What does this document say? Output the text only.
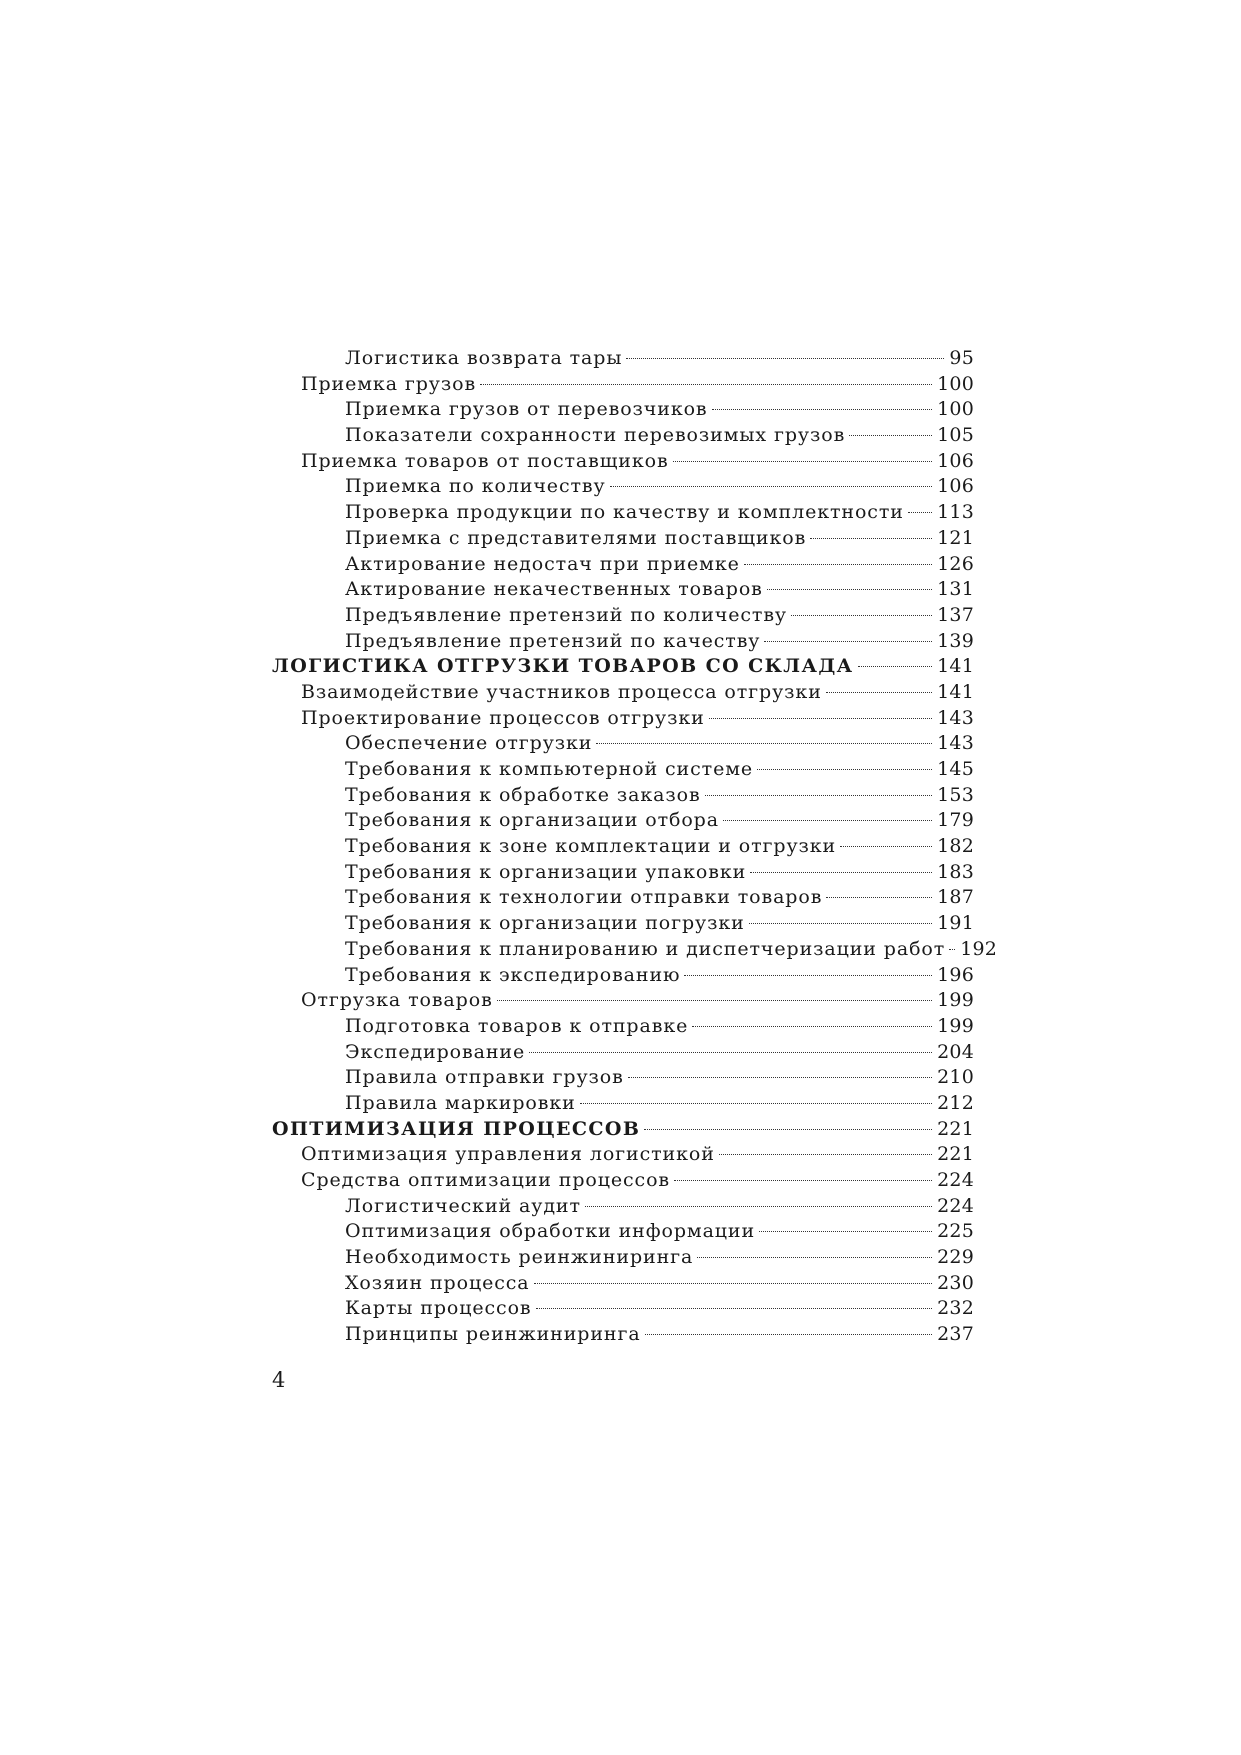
Логистика возврата тары	95
Приемка грузов	100
Приемка грузов от перевозчиков	100
Показатели сохранности перевозимых грузов	105
Приемка товаров от поставщиков	106
Приемка по количеству	106
Проверка продукции по качеству и комплектности 113
Приемка с представителями поставщиков	121
Актирование недостач при приемке	126
Актирование некачественных товаров	131
Предъявление претензий по количеству	137
Предъявление претензий по качеству	139
ЛОГИСТИКА ОТГРУЗКИ ТОВАРОВ СО СКЛАДА	141
Взаимодействие участников процесса отгрузки	141
Проектирование процессов отгрузки	143
Обеспечение отгрузки	143
Требования к компьютерной системе	145
Требования к обработке заказов	153
Требования к организации отбора	179
Требования к зоне комплектации и отгрузки	182
Требования к организации упаковки	183
Требования к технологии отправки товаров	187
Требования к организации погрузки	191
Требования к планированию и диспетчеризации работ 192
Требования к экспедированию	196
Отгрузка товаров	199
Подготовка товаров к отправке	199
Экспедирование	204
Правила отправки грузов	210
Правила маркировки	212
ОПТИМИЗАЦИЯ ПРОЦЕССОВ	221
Оптимизация управления логистикой	221
Средства оптимизации процессов	224
Логистический аудит	224
Оптимизация обработки информации	225
Необходимость реинжиниринга	229
Хозяин процесса	230
Карты процессов	232
Принципы реинжиниринга	237
4
